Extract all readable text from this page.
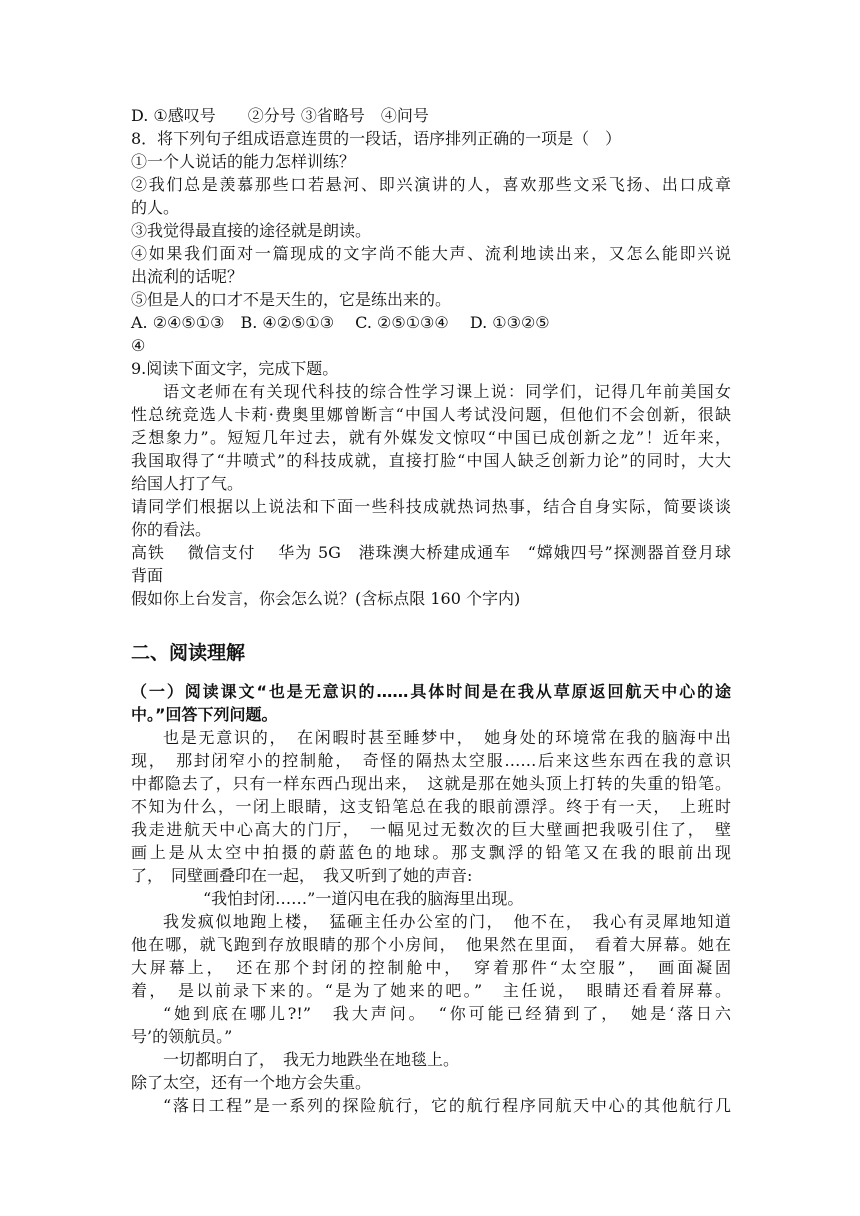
D. ①感叹号　　②分号 ③省略号　④问号
8．将下列句子组成语意连贯的一段话，语序排列正确的一项是（　）
①一个人说话的能力怎样训练？
②我们总是羡慕那些口若悬河、即兴演讲的人，喜欢那些文采飞扬、出口成章
的人。
③我觉得最直接的途径就是朗读。
④如果我们面对一篇现成的文字尚不能大声、流利地读出来，又怎么能即兴说
出流利的话呢？
⑤但是人的口才不是天生的，它是练出来的。
A. ②④⑤①③　B. ④②⑤①③　 C. ②⑤①③④　 D. ①③②⑤
④
9.阅读下面文字，完成下题。
语文老师在有关现代科技的综合性学习课上说：同学们，记得几年前美国女
性总统竞选人卡莉·费奥里娜曾断言“中国人考试没问题，但他们不会创新，很缺
乏想象力”。短短几年过去，就有外媒发文惊叹“中国已成创新之龙”！近年来，
我国取得了“井喷式”的科技成就，直接打脸“中国人缺乏创新力论”的同时，大大
给国人打了气。
请同学们根据以上说法和下面一些科技成就热词热事，结合自身实际，简要谈谈
你的看法。
高铁　 微信支付　 华为 5G　港珠澳大桥建成通车　“嫦娥四号”探测器首登月球
背面
假如你上台发言，你会怎么说？(含标点限 160 个字内)
二、阅读理解
（一）阅读课文“也是无意识的……具体时间是在我从草原返回航天中心的途
中。”回答下列问题。
也是无意识的，　在闲暇时甚至睡梦中，　她身处的环境常在我的脑海中出
现，　那封闭窄小的控制舱，　奇怪的隔热太空服……后来这些东西在我的意识
中都隐去了，只有一样东西凸现出来，　这就是那在她头顶上打转的失重的铅笔。
不知为什么，一闭上眼睛，这支铅笔总在我的眼前漂浮。终于有一天，　上班时
我走进航天中心高大的门厅，　一幅见过无数次的巨大壁画把我吸引住了，　壁
画上是从太空中拍摄的蔚蓝色的地球。那支飘浮的铅笔又在我的眼前出现
了，　同壁画叠印在一起，　我又听到了她的声音:
“我怕封闭……”一道闪电在我的脑海里出现。
我发疯似地跑上楼，　猛砸主任办公室的门，　他不在，　我心有灵犀地知道
他在哪，就飞跑到存放眼睛的那个小房间，　他果然在里面，　看着大屏幕。她在
大屏幕上，　还在那个封闭的控制舱中，　穿着那件“太空服”，　画面凝固
着，　是以前录下来的。“是为了她来的吧。”　主任说，　眼睛还看着屏幕。
“她到底在哪儿?!”　我大声问。　“你可能已经猜到了，　她是‘落日六
号’的领航员。”
一切都明白了，　我无力地跌坐在地毯上。
除了太空，还有一个地方会失重。
“落日工程”是一系列的探险航行，它的航行程序同航天中心的其他航行几
